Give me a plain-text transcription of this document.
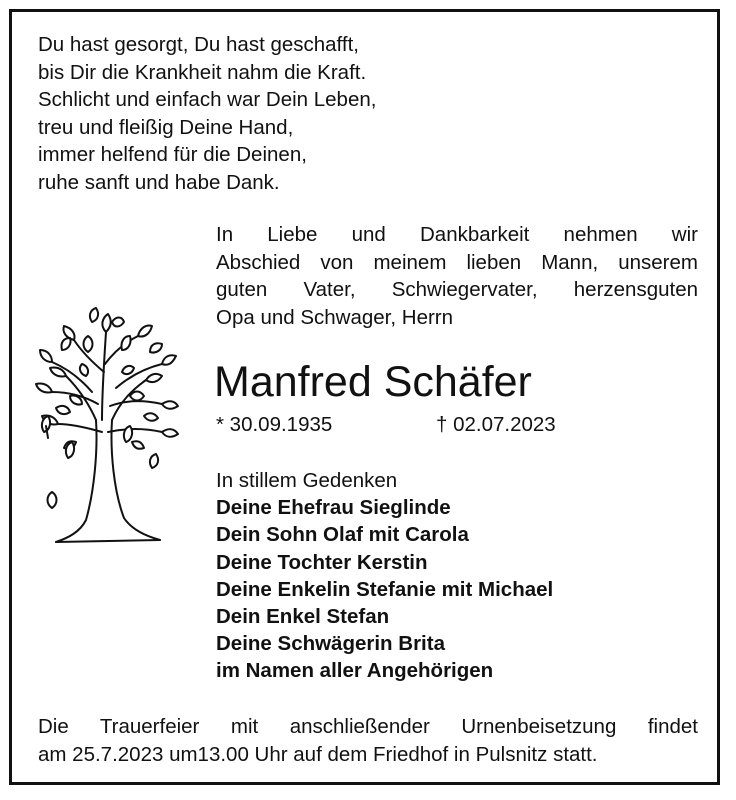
Du hast gesorgt, Du hast geschafft,
bis Dir die Krankheit nahm die Kraft.
Schlicht und einfach war Dein Leben,
treu und fleißig Deine Hand,
immer helfend für die Deinen,
ruhe sanft und habe Dank.
In Liebe und Dankbarkeit nehmen wir
Abschied von meinem lieben Mann, unserem
guten Vater, Schwiegervater, herzensguten
Opa und Schwager, Herrn
Manfred Schäfer
* 30.09.1935	† 02.07.2023
In stillem Gedenken
Deine Ehefrau Sieglinde
Dein Sohn Olaf mit Carola
Deine Tochter Kerstin
Deine Enkelin Stefanie mit Michael
Dein Enkel Stefan
Deine Schwägerin Brita
im Namen aller Angehörigen
Die Trauerfeier mit anschließender Urnenbeisetzung findet
am 25.7.2023 um13.00 Uhr auf dem Friedhof in Pulsnitz statt.
